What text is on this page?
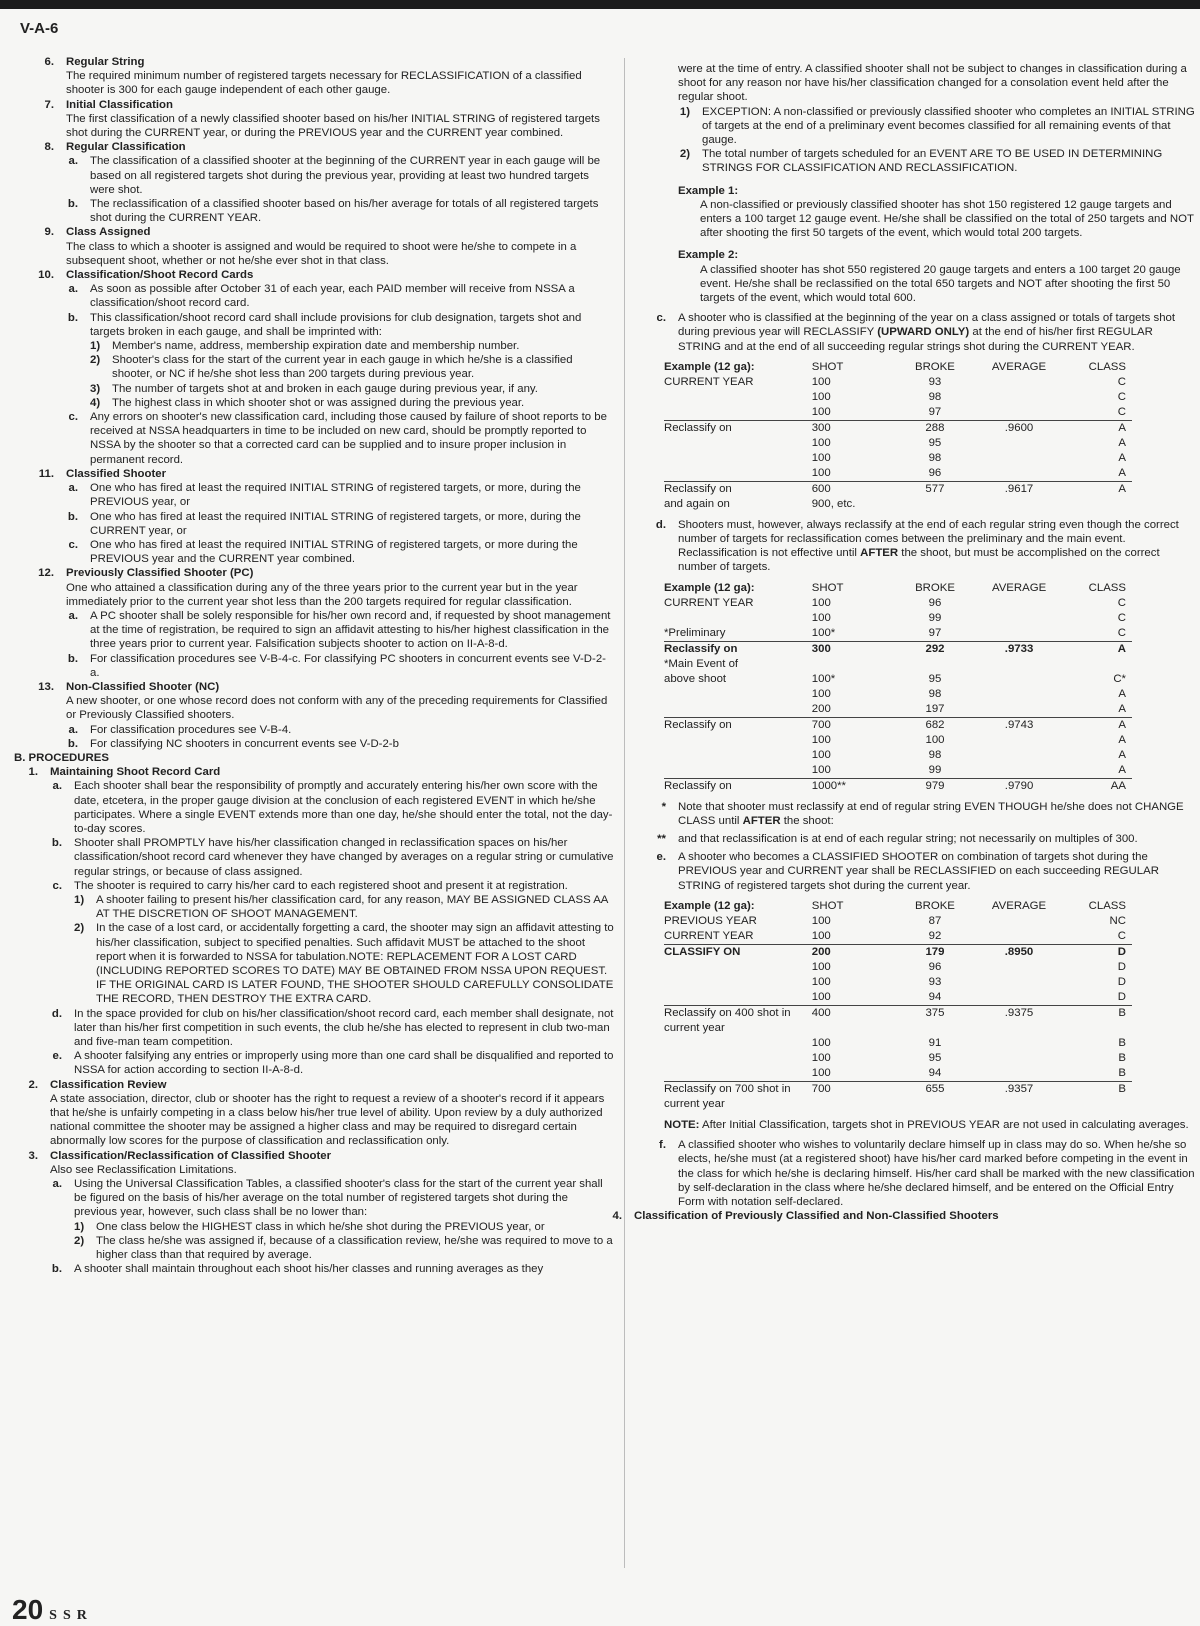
V-A-6
6.	Regular String
The required minimum number of registered targets necessary for RECLASSIFICATION of a classified shooter is 300 for each gauge independent of each other gauge.
7.	Initial Classification
The first classification of a newly classified shooter based on his/her INITIAL STRING of registered targets shot during the CURRENT year, or during the PREVIOUS year and the CURRENT year combined.
8.	Regular Classification
a.	The classification of a classified shooter at the beginning of the CURRENT year in each gauge will be based on all registered targets shot during the previous year, providing at least two hundred targets were shot.
b.	The reclassification of a classified shooter based on his/her average for totals of all registered targets shot during the CURRENT YEAR.
9.	Class Assigned
The class to which a shooter is assigned and would be required to shoot were he/she to compete in a subsequent shoot, whether or not he/she ever shot in that class.
10.	Classification/Shoot Record Cards
a.	As soon as possible after October 31 of each year, each PAID member will receive from NSSA a classification/shoot record card.
b.	This classification/shoot record card shall include provisions for club designation, targets shot and targets broken in each gauge, and shall be imprinted with:
1)	Member's name, address, membership expiration date and membership number.
2)	Shooter's class for the start of the current year in each gauge in which he/she is a classified shooter, or NC if he/she shot less than 200 targets during previous year.
3)	The number of targets shot at and broken in each gauge during previous year, if any.
4)	The highest class in which shooter shot or was assigned during the previous year.
c.	Any errors on shooter's new classification card, including those caused by failure of shoot reports to be received at NSSA headquarters in time to be included on new card, should be promptly reported to NSSA by the shooter so that a corrected card can be supplied and to insure proper inclusion in permanent record.
11.	Classified Shooter
a.	One who has fired at least the required INITIAL STRING of registered targets, or more, during the PREVIOUS year, or
b.	One who has fired at least the required INITIAL STRING of registered targets, or more, during the CURRENT year, or
c.	One who has fired at least the required INITIAL STRING of registered targets, or more during the PREVIOUS year and the CURRENT year combined.
12.	Previously Classified Shooter (PC)
One who attained a classification during any of the three years prior to the current year but in the year immediately prior to the current year shot less than the 200 targets required for regular classification.
a.	A PC shooter shall be solely responsible for his/her own record and, if requested by shoot management at the time of registration, be required to sign an affidavit attesting to his/her highest classification in the three years prior to current year. Falsification subjects shooter to action on II-A-8-d.
b.	For classification procedures see V-B-4-c. For classifying PC shooters in concurrent events see V-D-2-a.
13.	Non-Classified Shooter (NC)
A new shooter, or one whose record does not conform with any of the preceding requirements for Classified or Previously Classified shooters.
a.	For classification procedures see V-B-4.
b.	For classifying NC shooters in concurrent events see V-D-2-b
B. PROCEDURES
1.	Maintaining Shoot Record Card
a.	Each shooter shall bear the responsibility of promptly and accurately entering his/her own score with the date, etcetera, in the proper gauge division at the conclusion of each registered EVENT in which he/she participates. Where a single EVENT extends more than one day, he/she should enter the total, not the day-to-day scores.
b.	Shooter shall PROMPTLY have his/her classification changed in reclassification spaces on his/her classification/shoot record card whenever they have changed by averages on a regular string or cumulative regular strings, or because of class assigned.
c.	The shooter is required to carry his/her card to each registered shoot and present it at registration.
1)	A shooter failing to present his/her classification card, for any reason, MAY BE ASSIGNED CLASS AA AT THE DISCRETION OF SHOOT MANAGEMENT.
2)	In the case of a lost card, or accidentally forgetting a card, the shooter may sign an affidavit attesting to his/her classification, subject to specified penalties. Such affidavit MUST be attached to the shoot report when it is forwarded to NSSA for tabulation.NOTE: REPLACEMENT FOR A LOST CARD (INCLUDING REPORTED SCORES TO DATE) MAY BE OBTAINED FROM NSSA UPON REQUEST. IF THE ORIGINAL CARD IS LATER FOUND, THE SHOOTER SHOULD CAREFULLY CONSOLIDATE THE RECORD, THEN DESTROY THE EXTRA CARD.
d.	In the space provided for club on his/her classification/shoot record card, each member shall designate, not later than his/her first competition in such events, the club he/she has elected to represent in club two-man and five-man team competition.
e.	A shooter falsifying any entries or improperly using more than one card shall be disqualified and reported to NSSA for action according to section II-A-8-d.
2.	Classification Review
A state association, director, club or shooter has the right to request a review of a shooter's record if it appears that he/she is unfairly competing in a class below his/her true level of ability. Upon review by a duly authorized national committee the shooter may be assigned a higher class and may be required to disregard certain abnormally low scores for the purpose of classification and reclassification only.
3.	Classification/Reclassification of Classified Shooter
Also see Reclassification Limitations.
a.	Using the Universal Classification Tables, a classified shooter's class for the start of the current year shall be figured on the basis of his/her average on the total number of registered targets shot during the previous year, however, such class shall be no lower than:
1)	One class below the HIGHEST class in which he/she shot during the PREVIOUS year, or
2)	The class he/she was assigned if, because of a classification review, he/she was required to move to a higher class than that required by average.
b.	A shooter shall maintain throughout each shoot his/her classes and running averages as they
were at the time of entry. A classified shooter shall not be subject to changes in classification during a shoot for any reason nor have his/her classification changed for a consolation event held after the regular shoot.
1)	EXCEPTION: A non-classified or previously classified shooter who completes an INITIAL STRING of targets at the end of a preliminary event becomes classified for all remaining events of that gauge.
2)	The total number of targets scheduled for an EVENT ARE TO BE USED IN DETERMINING STRINGS FOR CLASSIFICATION AND RECLASSIFICATION.
Example 1:
A non-classified or previously classified shooter has shot 150 registered 12 gauge targets and enters a 100 target 12 gauge event. He/she shall be classified on the total of 250 targets and NOT after shooting the first 50 targets of the event, which would total 200 targets.
Example 2:
A classified shooter has shot 550 registered 20 gauge targets and enters a 100 target 20 gauge event. He/she shall be reclassified on the total 650 targets and NOT after shooting the first 50 targets of the event, which would total 600.
c.	A shooter who is classified at the beginning of the year on a class assigned or totals of targets shot during previous year will RECLASSIFY (UPWARD ONLY) at the end of his/her first REGULAR STRING and at the end of all succeeding regular strings shot during the CURRENT YEAR.
Example (12 ga):	SHOT	BROKE	AVERAGE	CLASS
CURRENT YEAR	100	93		C
	100	98		C
	100	97		C
Reclassify on	300	288	.9600	A
	100	95		A
	100	98		A
	100	96		A
Reclassify on	600	577	.9617	A
and again on	900, etc.			
d.	Shooters must, however, always reclassify at the end of each regular string even though the correct number of targets for reclassification comes between the preliminary and the main event. Reclassification is not effective until AFTER the shoot, but must be accomplished on the correct number of targets.
Example (12 ga):	SHOT	BROKE	AVERAGE	CLASS
CURRENT YEAR	100	96		C
	100	99		C
*Preliminary	100*	97		C
Reclassify on	300	292	.9733	A
*Main Event of				
above shoot	100*	95		C*
	100	98		A
	200	197		A
Reclassify on	700	682	.9743	A
	100	100		A
	100	98		A
	100	99		A
Reclassify on	1000**	979	.9790	AA
*	Note that shooter must reclassify at end of regular string EVEN THOUGH he/she does not CHANGE CLASS until AFTER the shoot:
**	and that reclassification is at end of each regular string; not necessarily on multiples of 300.
e.	A shooter who becomes a CLASSIFIED SHOOTER on combination of targets shot during the PREVIOUS year and CURRENT year shall be RECLASSIFIED on each succeeding REGULAR STRING of registered targets shot during the current year.
Example (12 ga):	SHOT	BROKE	AVERAGE	CLASS
PREVIOUS YEAR	100	87		NC
CURRENT YEAR	100	92		C
CLASSIFY ON	200	179	.8950	D
	100	96		D
	100	93		D
	100	94		D
Reclassify on 400 shot in current year	400	375	.9375	B
	100	91		B
	100	95		B
	100	94		B
Reclassify on 700 shot in current year	700	655	.9357	B
NOTE: After Initial Classification, targets shot in PREVIOUS YEAR are not used in calculating averages.
f.	A classified shooter who wishes to voluntarily declare himself up in class may do so. When he/she so elects, he/she must (at a registered shoot) have his/her card marked before competing in the event in the class for which he/she is declaring himself. His/her card shall be marked with the new classification by self-declaration in the class where he/she declared himself, and be entered on the Official Entry Form with notation self-declared.
4.	Classification of Previously Classified and Non-Classified Shooters
20 SSR
